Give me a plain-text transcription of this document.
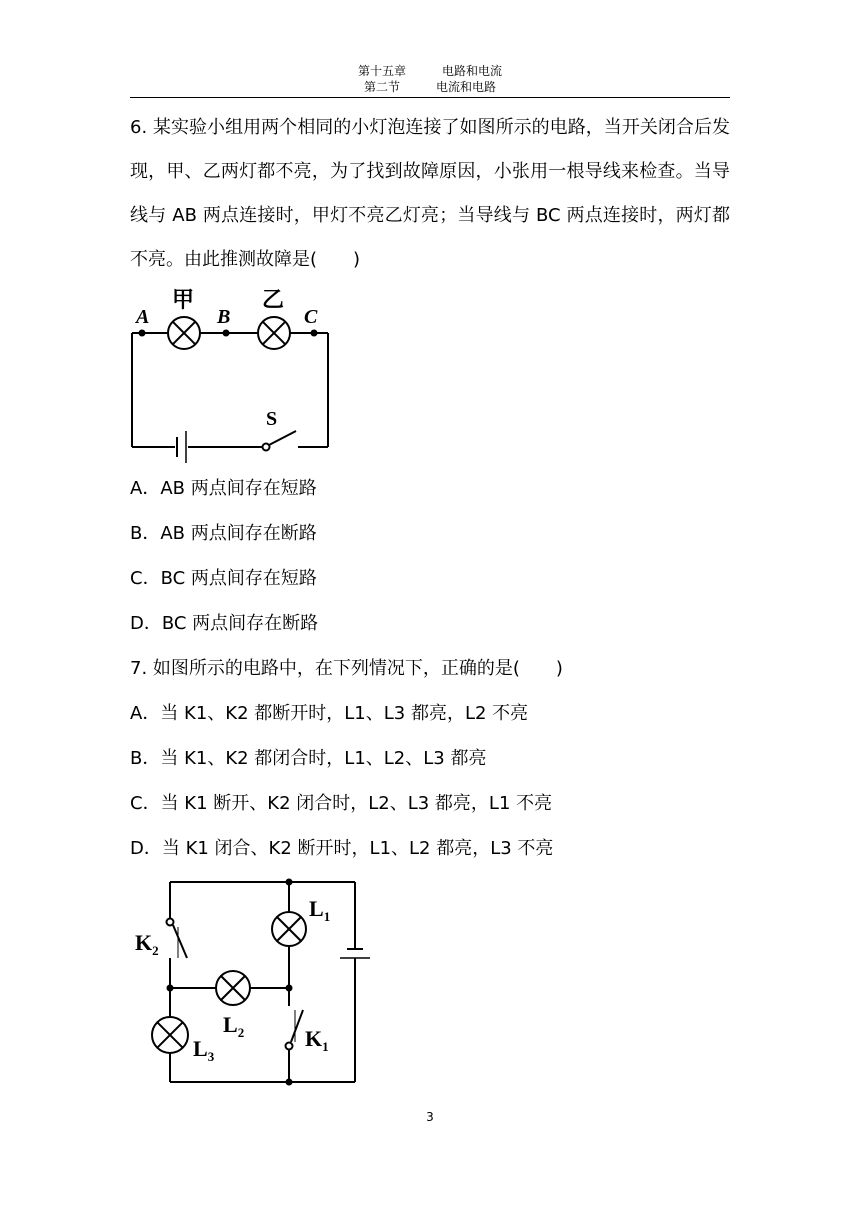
第十五章	电路和电流
第二节	电流和电路
6. 某实验小组用两个相同的小灯泡连接了如图所示的电路，当开关闭合后发现，甲、乙两灯都不亮，为了找到故障原因，小张用一根导线来检查。当导线与 AB 两点连接时，甲灯不亮乙灯亮；当导线与 BC 两点连接时，两灯都不亮。由此推测故障是(　　)
A	B	C
甲	乙
S
A．AB 两点间存在短路
B．AB 两点间存在断路
C．BC 两点间存在短路
D．BC 两点间存在断路
7. 如图所示的电路中，在下列情况下，正确的是(　　)
A．当 K1、K2 都断开时，L1、L3 都亮，L2 不亮
B．当 K1、K2 都闭合时，L1、L2、L3 都亮
C．当 K1 断开、K2 闭合时，L2、L3 都亮，L1 不亮
D．当 K1 闭合、K2 断开时，L1、L2 都亮，L3 不亮
$K_2$
$L_1$
$L_2$
$L_3$
$K_1$
3
